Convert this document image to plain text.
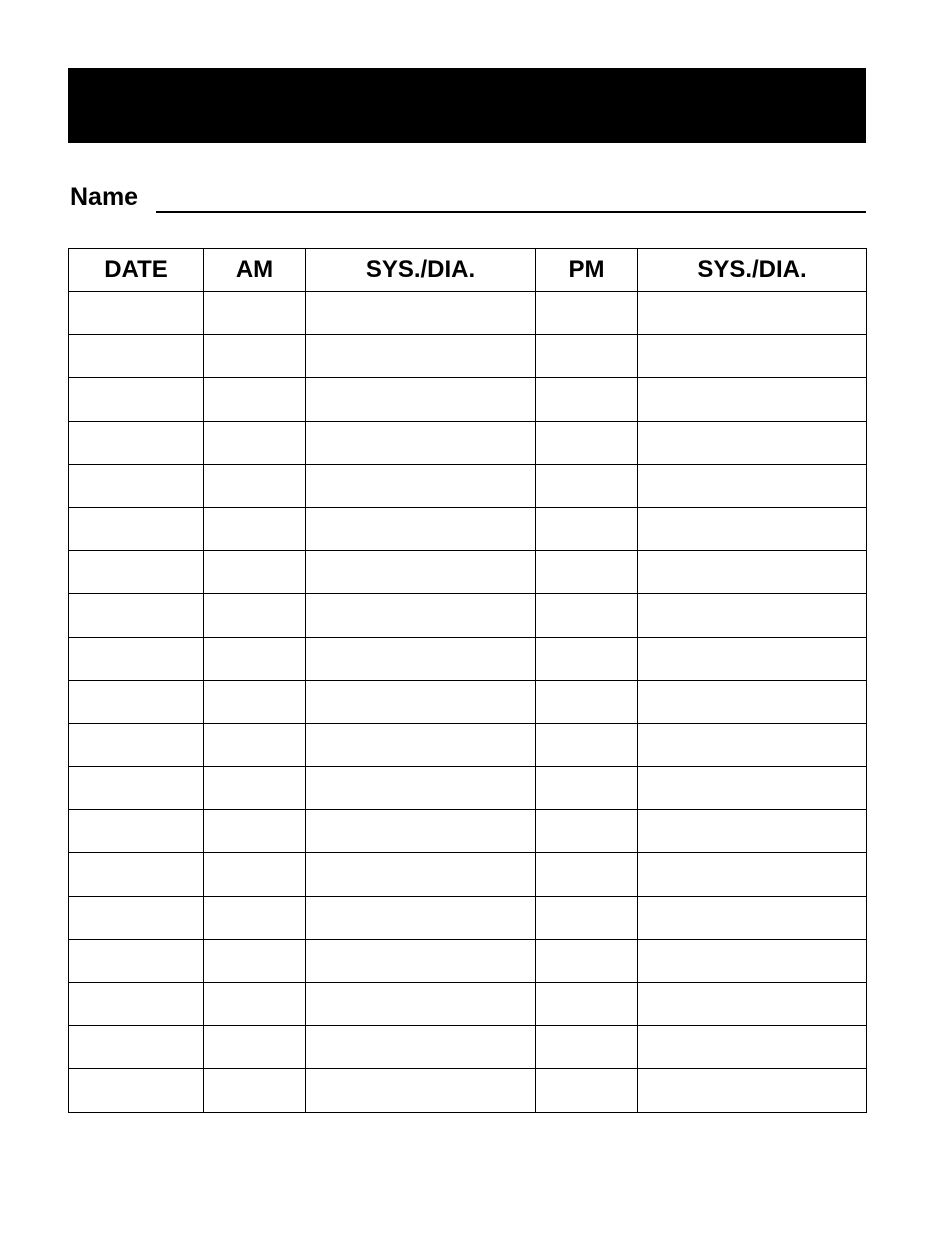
Name
DATE	AM	SYS./DIA.	PM	SYS./DIA.
